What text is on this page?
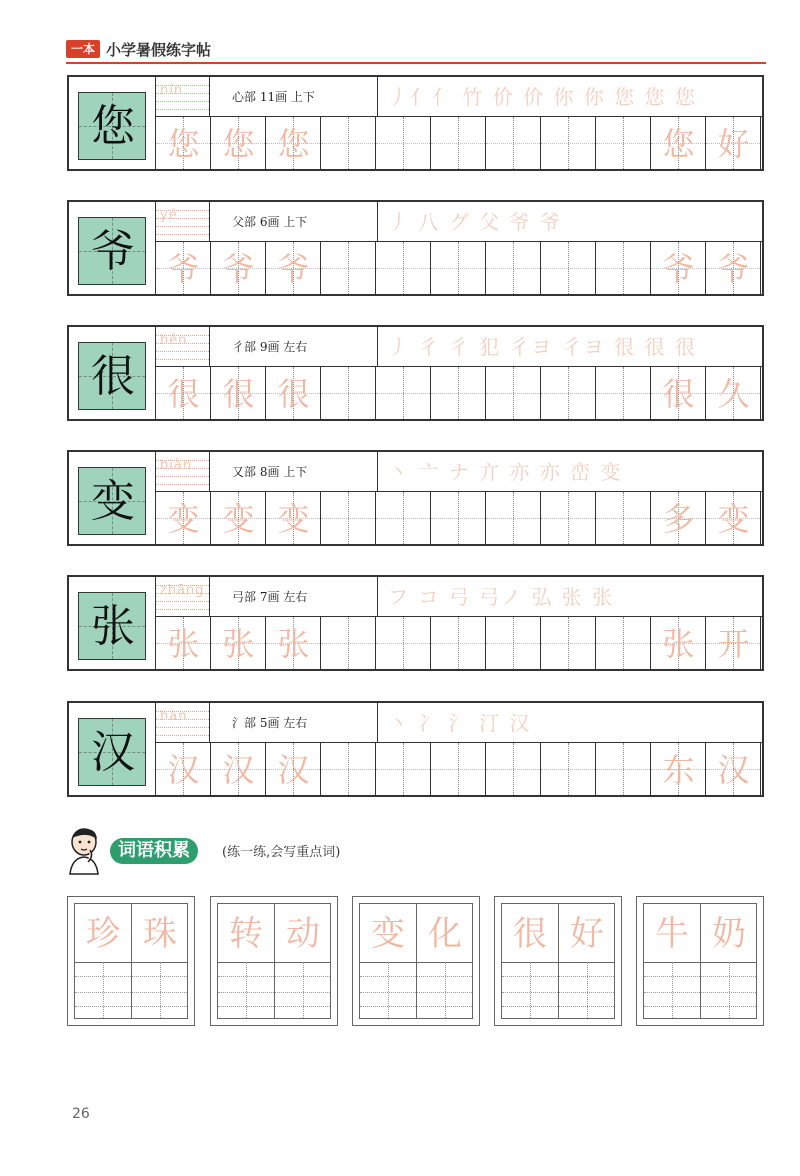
一本 小学暑假练字帖
您
nín	心部 11画 上下	丿亻亻 竹 价 价 你 你 您 您 您
您 您 您	您 好
爷
yé	父部 6画 上下	丿 八 グ 父 爷 爷
爷 爷 爷	爷 爷
很
hěn	彳部 9画 左右	丿 彳 彳 犯 彳ヨ 彳ヨ 很 很 很
很 很 很	很 久
变
biàn	又部 8画 上下	丶 亠 ナ 亣 亦 亦 峦 变
变 变 变	多 变
张
zhāng	弓部 7画 左右	フ コ 弓 弓ノ 弘 张 张
张 张 张	张 开
汉
hàn	氵部 5画 左右	丶 冫 氵 汀 汉
汉 汉 汉	东 汉
词语积累	(练一练,会写重点词)
珍 珠	转 动	变 化	很 好	牛 奶
26
